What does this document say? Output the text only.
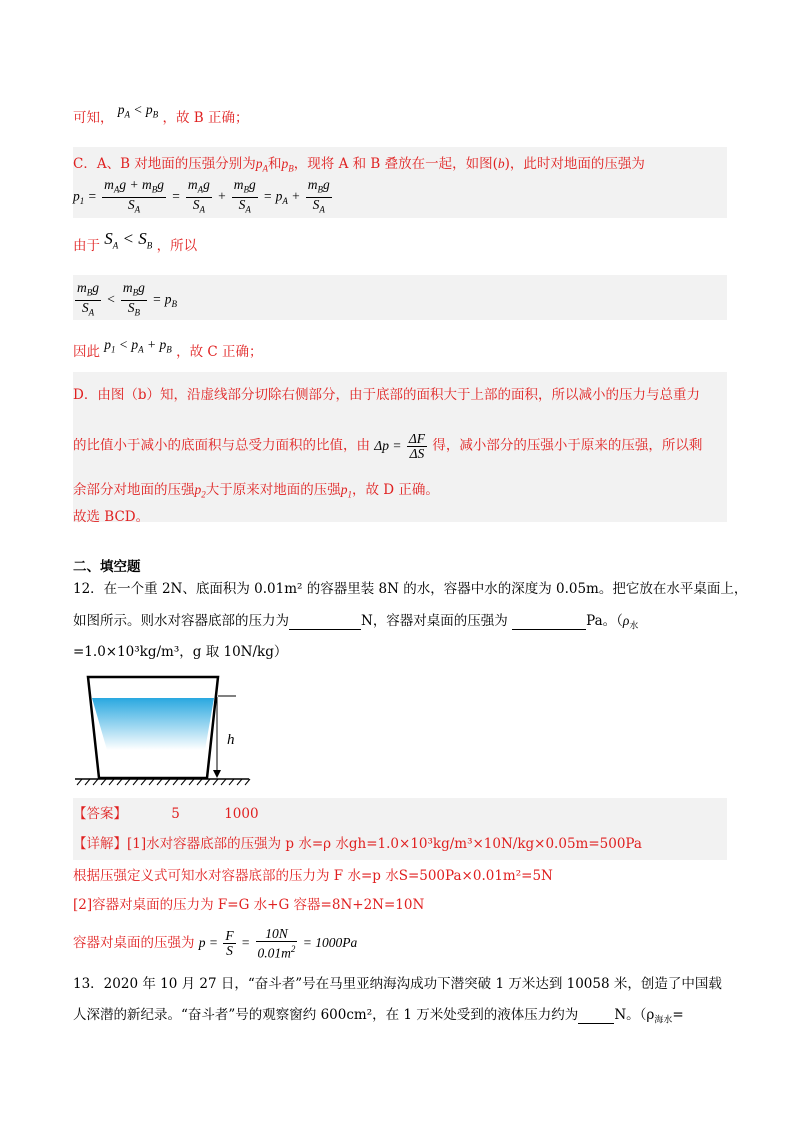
可知， $p_A < p_B$ ，故 B 正确；
C．A、B 对地面的压强分别为$p_A$和$p_B$，现将 A 和 B 叠放在一起，如图(b)，此时对地面的压强为
$p_1 = \frac{m_Ag + m_Bg}{S_A} = \frac{m_Ag}{S_A} + \frac{m_Bg}{S_A} = p_A + \frac{m_Bg}{S_A}$
由于 $S_A < S_B$ ，所以
$\frac{m_Bg}{S_A} < \frac{m_Bg}{S_B} = p_B$
因此 $p_1 < p_A + p_B$ ，故 C 正确；
D．由图（b）知，沿虚线部分切除右侧部分，由于底部的面积大于上部的面积，所以减小的压力与总重力
的比值小于减小的底面积与总受力面积的比值，由 $\Delta p = \frac{\Delta F}{\Delta S}$ 得，减小部分的压强小于原来的压强，所以剩
余部分对地面的压强$p_2$大于原来对地面的压强$p_1$，故 D 正确。
故选 BCD。
二、填空题
12．在一个重 2N、底面积为 0.01m² 的容器里装 8N 的水，容器中水的深度为 0.05m。把它放在水平桌面上，
如图所示。则水对容器底部的压力为	N，容器对桌面的压强为	Pa。（$\rho_水$
=1.0×10³kg/m³，g 取 10N/kg）
h
【答案】	5	1000
【详解】[1]水对容器底部的压强为 p 水=ρ 水gh=1.0×10³kg/m³×10N/kg×0.05m=500Pa
根据压强定义式可知水对容器底部的压力为 F 水=p 水S=500Pa×0.01m²=5N
[2]容器对桌面的压力为 F=G 水+G 容器=8N+2N=10N
容器对桌面的压强为 $p = \frac{F}{S} = \frac{10N}{0.01m^2} = 1000Pa$
13．2020 年 10 月 27 日，“奋斗者”号在马里亚纳海沟成功下潜突破 1 万米达到 10058 米，创造了中国载
人深潜的新纪录。“奋斗者”号的观察窗约 600cm²，在 1 万米处受到的液体压力约为	N。（$\rho_{海水}=$
